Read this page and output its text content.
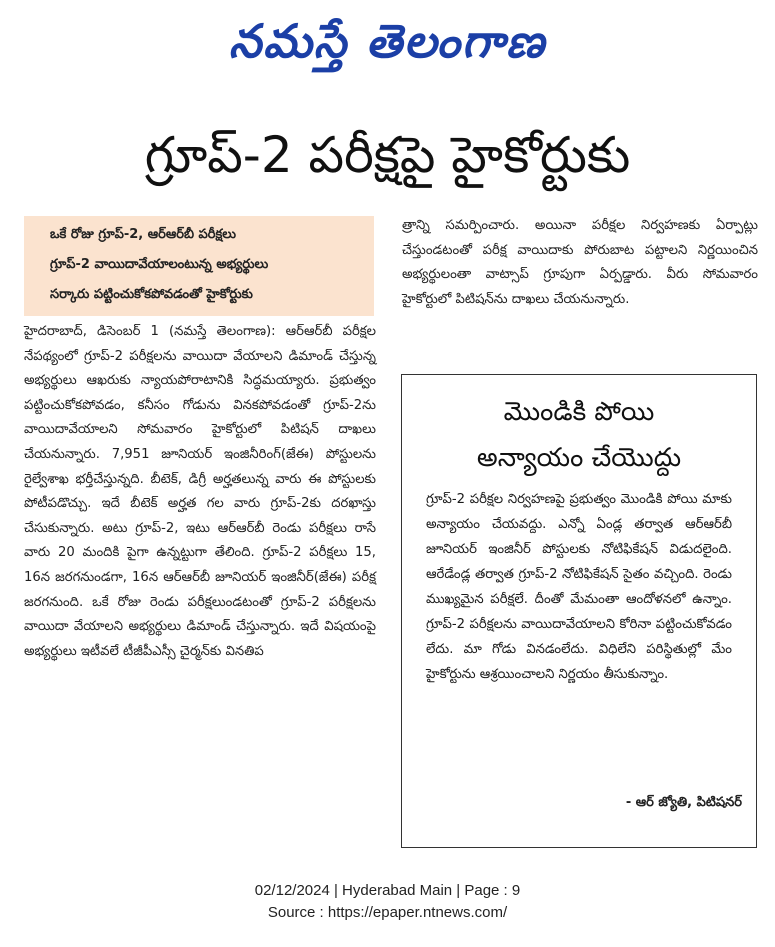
నమస్తే తెలంగాణ
గ్రూప్‌-2 పరీక్షపై హైకోర్టుకు
• ఒకే రోజు గ్రూప్‌-2, ఆర్‌ఆర్‌బీ పరీక్షలు
• గ్రూప్‌-2 వాయిదావేయాలంటున్న అభ్యర్థులు
• సర్కారు పట్టించుకోకపోవడంతో హైకోర్టుకు

హైదరాబాద్‌, డిసెంబర్‌ 1 (నమస్తే తెలంగాణ): ఆర్‌ఆర్‌బీ పరీక్షల నేపథ్యంలో గ్రూప్‌-2 పరీక్షలను వాయిదా వేయాలని డిమాండ్‌ చేస్తున్న అభ్యర్థులు ఆఖరుకు న్యాయపోరాటానికి సిద్ధమయ్యారు. ప్రభుత్వం పట్టించుకోకపోవడం, కనీసం గోడును వినకపోవడంతో గ్రూప్‌-2ను వాయిదావేయాలని సోమవారం హైకోర్టులో పిటిషన్‌ దాఖలు చేయనున్నారు. 7,951 జూనియర్‌ ఇంజినీరింగ్‌(జేఈ) పోస్టులను రైల్వేశాఖ భర్తీచేస్తున్నది. బీటెక్‌, డిగ్రీ అర్హతలున్న వారు ఈ పోస్టులకు పోటీపడొచ్చు. ఇదే బీటెక్‌ అర్హత గల వారు గ్రూప్‌-2కు దరఖాస్తు చేసుకున్నారు. అటు గ్రూప్‌-2, ఇటు ఆర్‌ఆర్‌బీ రెండు పరీక్షలు రాసే వారు 20 మందికి పైగా ఉన్నట్టుగా తేలింది. గ్రూప్‌-2 పరీక్షలు 15, 16న జరగనుండగా, 16న ఆర్‌ఆర్‌బీ జూనియర్‌ ఇంజినీర్‌(జేఈ) పరీక్ష జరగనుంది. ఒకే రోజు రెండు పరీక్షలుండటంతో గ్రూప్‌-2 పరీక్షలను వాయిదా వేయాలని అభ్యర్థులు డిమాండ్‌ చేస్తున్నారు. ఇదే విషయంపై అభ్యర్థులు ఇటీవలే టీజీపీఎస్సీ చైర్మన్‌కు వినతిప

త్రాన్ని సమర్పించారు. అయినా పరీక్షల నిర్వహణకు ఏర్పాట్లు చేస్తుండటంతో పరీక్ష వాయిదాకు పోరుబాట పట్టాలని నిర్ణయించిన అభ్యర్థులంతా వాట్సాప్‌ గ్రూపుగా ఏర్పడ్డారు. వీరు సోమవారం హైకోర్టులో పిటిషన్‌ను దాఖలు చేయనున్నారు.

మొండికి పోయి
అన్యాయం చేయొద్దు

గ్రూప్‌-2 పరీక్షల నిర్వహణపై ప్రభుత్వం మొండికి పోయి మాకు అన్యాయం చేయవద్దు. ఎన్నో ఏండ్ల తర్వాత ఆర్‌ఆర్‌బీ జూనియర్‌ ఇంజినీర్‌ పోస్టులకు నోటిఫికేషన్‌ విడుదలైంది. ఆరేడేండ్ల తర్వాత గ్రూప్‌-2 నోటిఫికేషన్‌ సైతం వచ్చింది. రెండు ముఖ్యమైన పరీక్షలే. దీంతో మేమంతా ఆందోళనలో ఉన్నాం. గ్రూప్‌-2 పరీక్షలను వాయిదావేయాలని కోరినా పట్టించుకోవడం లేదు. మా గోడు వినడంలేదు. విధిలేని పరిస్థితుల్లో మేం హైకోర్టును ఆశ్రయించాలని నిర్ణయం తీసుకున్నాం.

- ఆర్‌ జ్యోతి, పిటిషనర్‌
02/12/2024 | Hyderabad Main | Page : 9
Source : https://epaper.ntnews.com/
